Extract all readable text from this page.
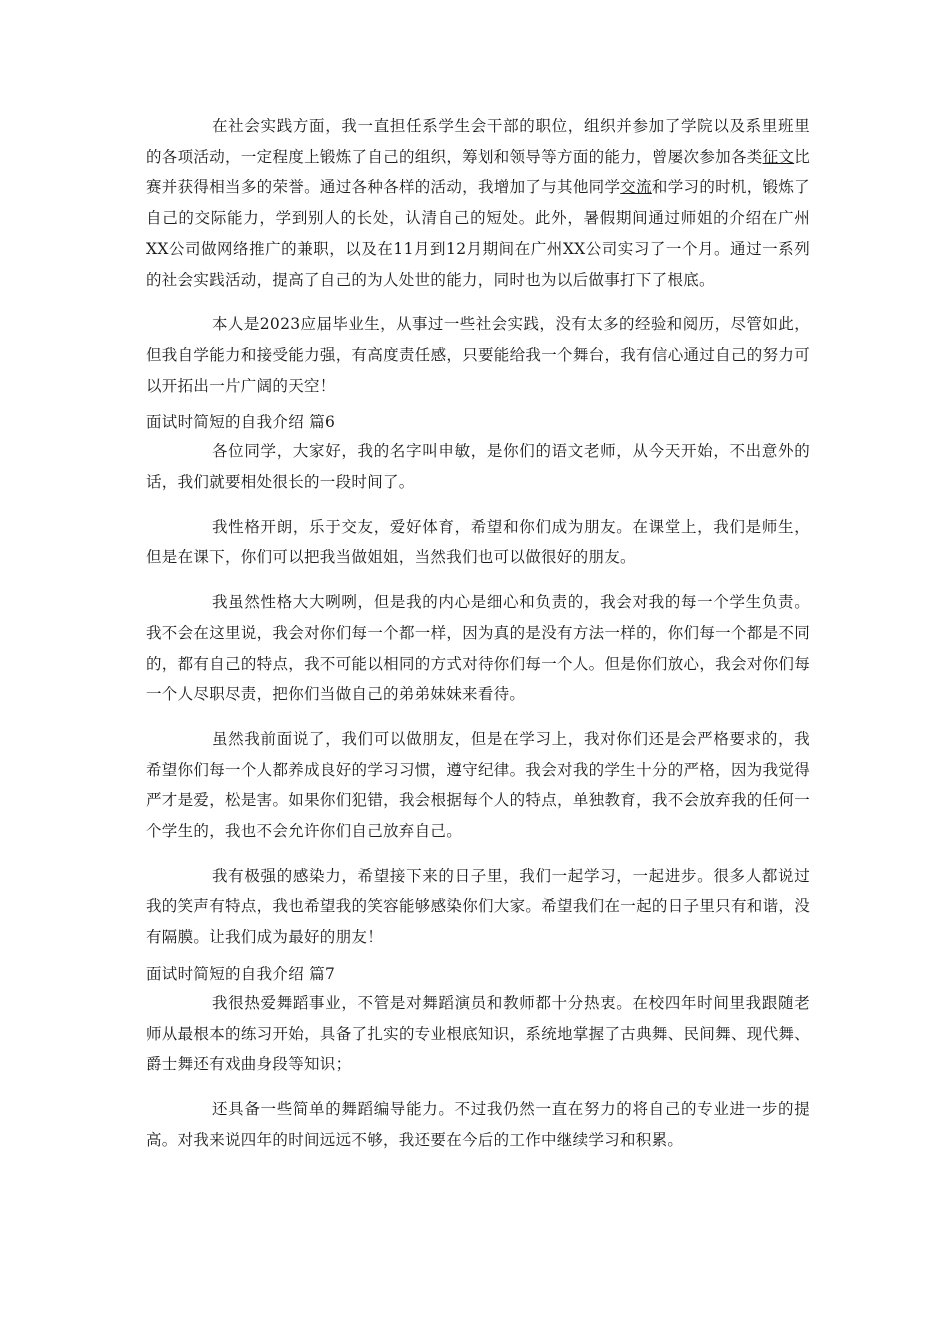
在社会实践方面，我一直担任系学生会干部的职位，组织并参加了学院以及系里班里的各项活动，一定程度上锻炼了自己的组织，筹划和领导等方面的能力，曾屡次参加各类征文比赛并获得相当多的荣誉。通过各种各样的活动，我增加了与其他同学交流和学习的时机，锻炼了自己的交际能力，学到别人的长处，认清自己的短处。此外，暑假期间通过师姐的介绍在广州XX公司做网络推广的兼职，以及在11月到12月期间在广州XX公司实习了一个月。通过一系列的社会实践活动，提高了自己的为人处世的能力，同时也为以后做事打下了根底。

本人是2023应届毕业生，从事过一些社会实践，没有太多的经验和阅历，尽管如此，但我自学能力和接受能力强，有高度责任感，只要能给我一个舞台，我有信心通过自己的努力可以开拓出一片广阔的天空！

面试时简短的自我介绍 篇6

各位同学，大家好，我的名字叫申敏，是你们的语文老师，从今天开始，不出意外的话，我们就要相处很长的一段时间了。

我性格开朗，乐于交友，爱好体育，希望和你们成为朋友。在课堂上，我们是师生，但是在课下，你们可以把我当做姐姐，当然我们也可以做很好的朋友。

我虽然性格大大咧咧，但是我的内心是细心和负责的，我会对我的每一个学生负责。我不会在这里说，我会对你们每一个都一样，因为真的是没有方法一样的，你们每一个都是不同的，都有自己的特点，我不可能以相同的方式对待你们每一个人。但是你们放心，我会对你们每一个人尽职尽责，把你们当做自己的弟弟妹妹来看待。

虽然我前面说了，我们可以做朋友，但是在学习上，我对你们还是会严格要求的，我希望你们每一个人都养成良好的学习习惯，遵守纪律。我会对我的学生十分的严格，因为我觉得严才是爱，松是害。如果你们犯错，我会根据每个人的特点，单独教育，我不会放弃我的任何一个学生的，我也不会允许你们自己放弃自己。

我有极强的感染力，希望接下来的日子里，我们一起学习，一起进步。很多人都说过我的笑声有特点，我也希望我的笑容能够感染你们大家。希望我们在一起的日子里只有和谐，没有隔膜。让我们成为最好的朋友！

面试时简短的自我介绍 篇7

我很热爱舞蹈事业，不管是对舞蹈演员和教师都十分热衷。在校四年时间里我跟随老师从最根本的练习开始，具备了扎实的专业根底知识，系统地掌握了古典舞、民间舞、现代舞、爵士舞还有戏曲身段等知识；

还具备一些简单的舞蹈编导能力。不过我仍然一直在努力的将自己的专业进一步的提高。对我来说四年的时间远远不够，我还要在今后的工作中继续学习和积累。
